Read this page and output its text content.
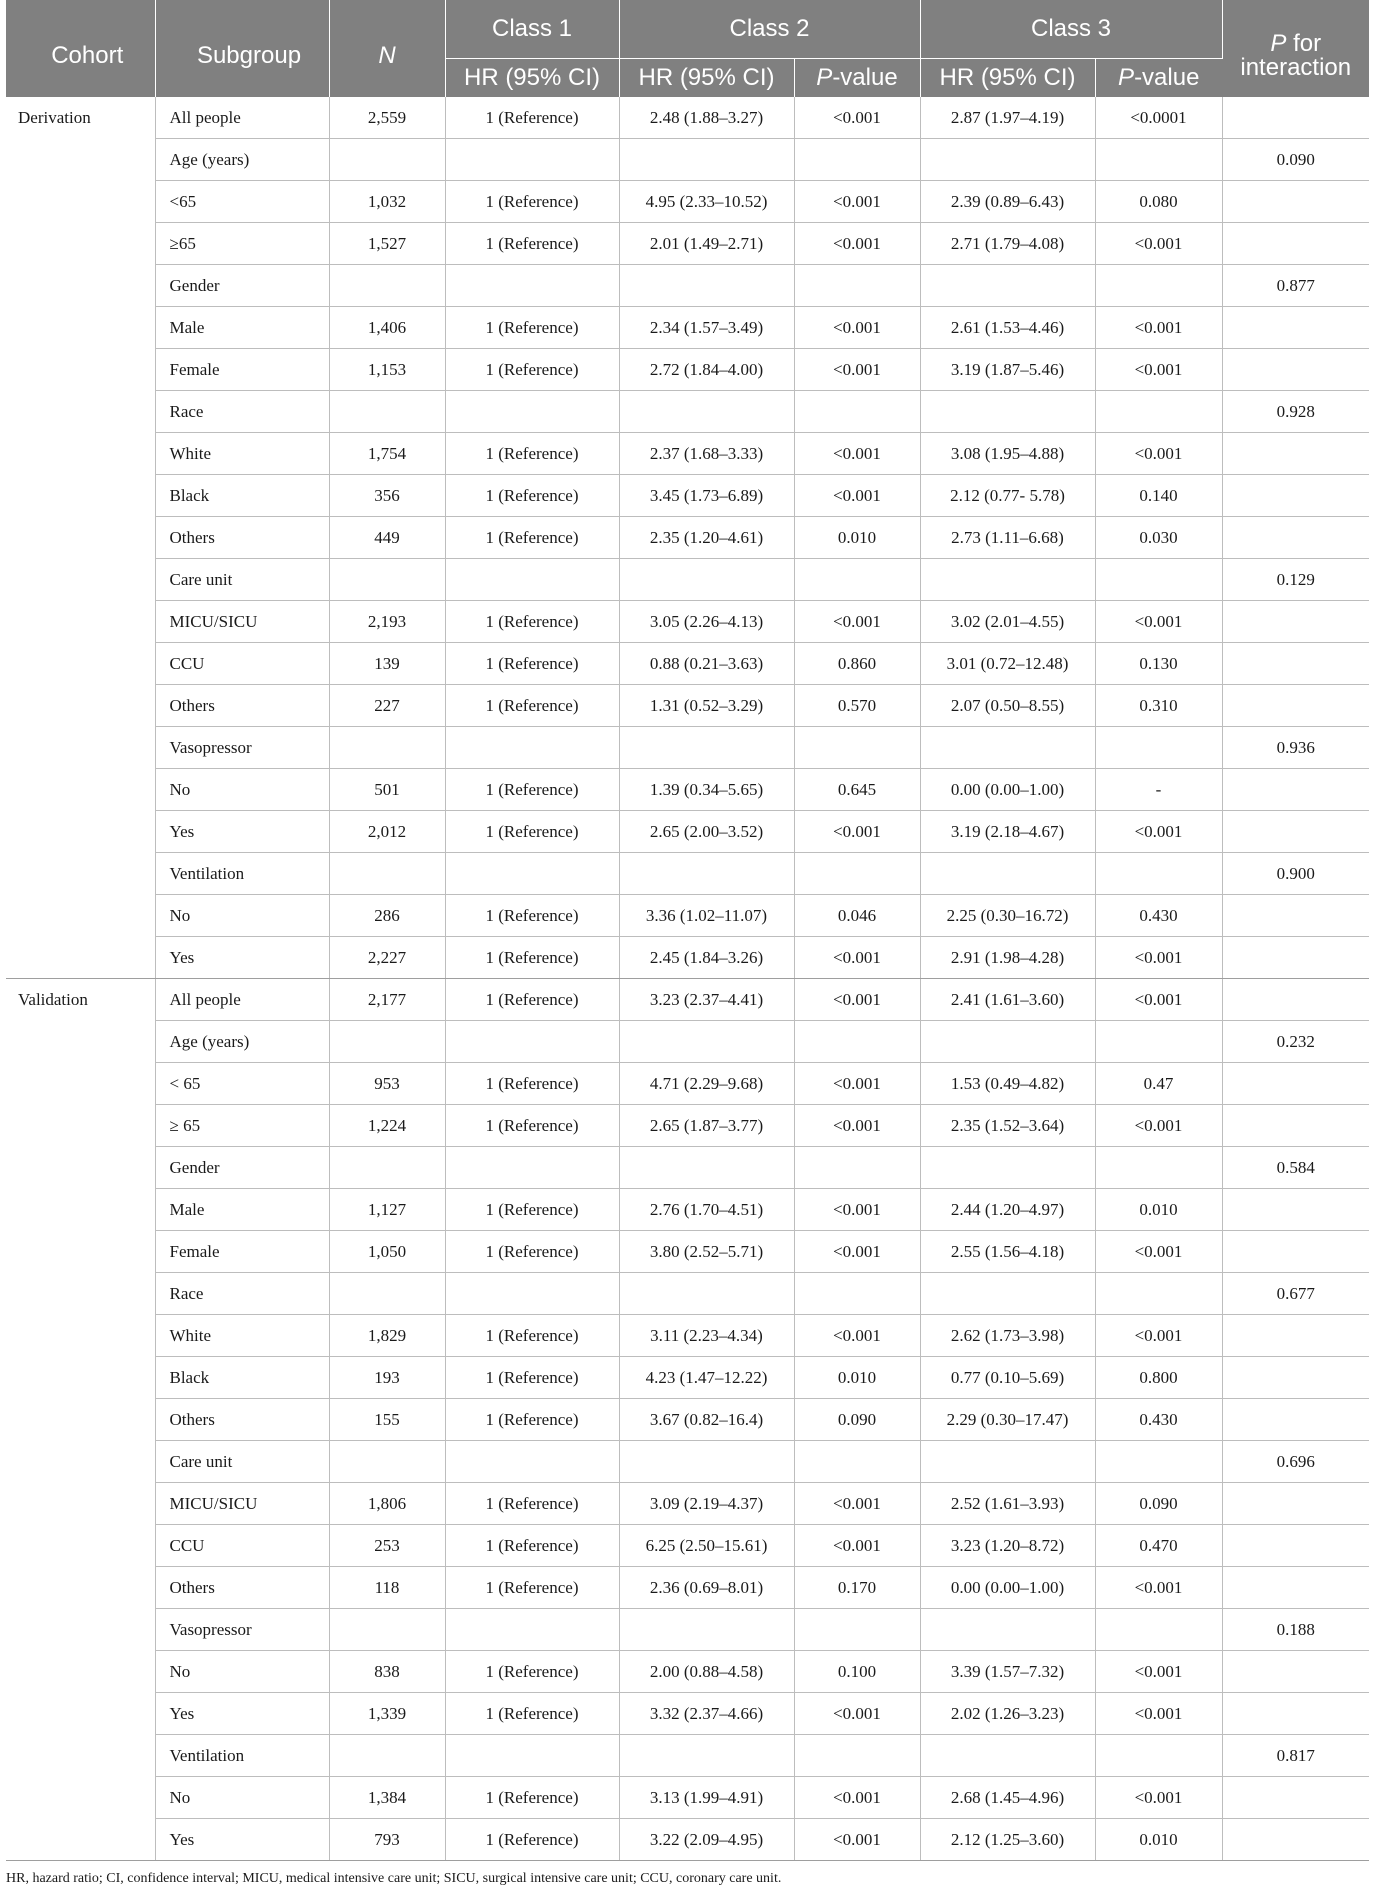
Cohort	Subgroup	N	Class 1	Class 2		Class 3		P for
interaction
			HR (95% CI)	HR (95% CI)	P-value	HR (95% CI)	P-value	
Derivation	All people	2,559	1 (Reference)	2.48 (1.88–3.27)	<0.001	2.87 (1.97–4.19)	<0.0001	
	Age (years)							0.090
	<65	1,032	1 (Reference)	4.95 (2.33–10.52)	<0.001	2.39 (0.89–6.43)	0.080	
	≥65	1,527	1 (Reference)	2.01 (1.49–2.71)	<0.001	2.71 (1.79–4.08)	<0.001	
	Gender							0.877
	Male	1,406	1 (Reference)	2.34 (1.57–3.49)	<0.001	2.61 (1.53–4.46)	<0.001	
	Female	1,153	1 (Reference)	2.72 (1.84–4.00)	<0.001	3.19 (1.87–5.46)	<0.001	
	Race							0.928
	White	1,754	1 (Reference)	2.37 (1.68–3.33)	<0.001	3.08 (1.95–4.88)	<0.001	
	Black	356	1 (Reference)	3.45 (1.73–6.89)	<0.001	2.12 (0.77- 5.78)	0.140	
	Others	449	1 (Reference)	2.35 (1.20–4.61)	0.010	2.73 (1.11–6.68)	0.030	
	Care unit							0.129
	MICU/SICU	2,193	1 (Reference)	3.05 (2.26–4.13)	<0.001	3.02 (2.01–4.55)	<0.001	
	CCU	139	1 (Reference)	0.88 (0.21–3.63)	0.860	3.01 (0.72–12.48)	0.130	
	Others	227	1 (Reference)	1.31 (0.52–3.29)	0.570	2.07 (0.50–8.55)	0.310	
	Vasopressor							0.936
	No	501	1 (Reference)	1.39 (0.34–5.65)	0.645	0.00 (0.00–1.00)	-	
	Yes	2,012	1 (Reference)	2.65 (2.00–3.52)	<0.001	3.19 (2.18–4.67)	<0.001	
	Ventilation							0.900
	No	286	1 (Reference)	3.36 (1.02–11.07)	0.046	2.25 (0.30–16.72)	0.430	
	Yes	2,227	1 (Reference)	2.45 (1.84–3.26)	<0.001	2.91 (1.98–4.28)	<0.001	
Validation	All people	2,177	1 (Reference)	3.23 (2.37–4.41)	<0.001	2.41 (1.61–3.60)	<0.001	
	Age (years)							0.232
	< 65	953	1 (Reference)	4.71 (2.29–9.68)	<0.001	1.53 (0.49–4.82)	0.47	
	≥ 65	1,224	1 (Reference)	2.65 (1.87–3.77)	<0.001	2.35 (1.52–3.64)	<0.001	
	Gender							0.584
	Male	1,127	1 (Reference)	2.76 (1.70–4.51)	<0.001	2.44 (1.20–4.97)	0.010	
	Female	1,050	1 (Reference)	3.80 (2.52–5.71)	<0.001	2.55 (1.56–4.18)	<0.001	
	Race							0.677
	White	1,829	1 (Reference)	3.11 (2.23–4.34)	<0.001	2.62 (1.73–3.98)	<0.001	
	Black	193	1 (Reference)	4.23 (1.47–12.22)	0.010	0.77 (0.10–5.69)	0.800	
	Others	155	1 (Reference)	3.67 (0.82–16.4)	0.090	2.29 (0.30–17.47)	0.430	
	Care unit							0.696
	MICU/SICU	1,806	1 (Reference)	3.09 (2.19–4.37)	<0.001	2.52 (1.61–3.93)	0.090	
	CCU	253	1 (Reference)	6.25 (2.50–15.61)	<0.001	3.23 (1.20–8.72)	0.470	
	Others	118	1 (Reference)	2.36 (0.69–8.01)	0.170	0.00 (0.00–1.00)	<0.001	
	Vasopressor							0.188
	No	838	1 (Reference)	2.00 (0.88–4.58)	0.100	3.39 (1.57–7.32)	<0.001	
	Yes	1,339	1 (Reference)	3.32 (2.37–4.66)	<0.001	2.02 (1.26–3.23)	<0.001	
	Ventilation							0.817
	No	1,384	1 (Reference)	3.13 (1.99–4.91)	<0.001	2.68 (1.45–4.96)	<0.001	
	Yes	793	1 (Reference)	3.22 (2.09–4.95)	<0.001	2.12 (1.25–3.60)	0.010	
HR, hazard ratio; CI, confidence interval; MICU, medical intensive care unit; SICU, surgical intensive care unit; CCU, coronary care unit.
